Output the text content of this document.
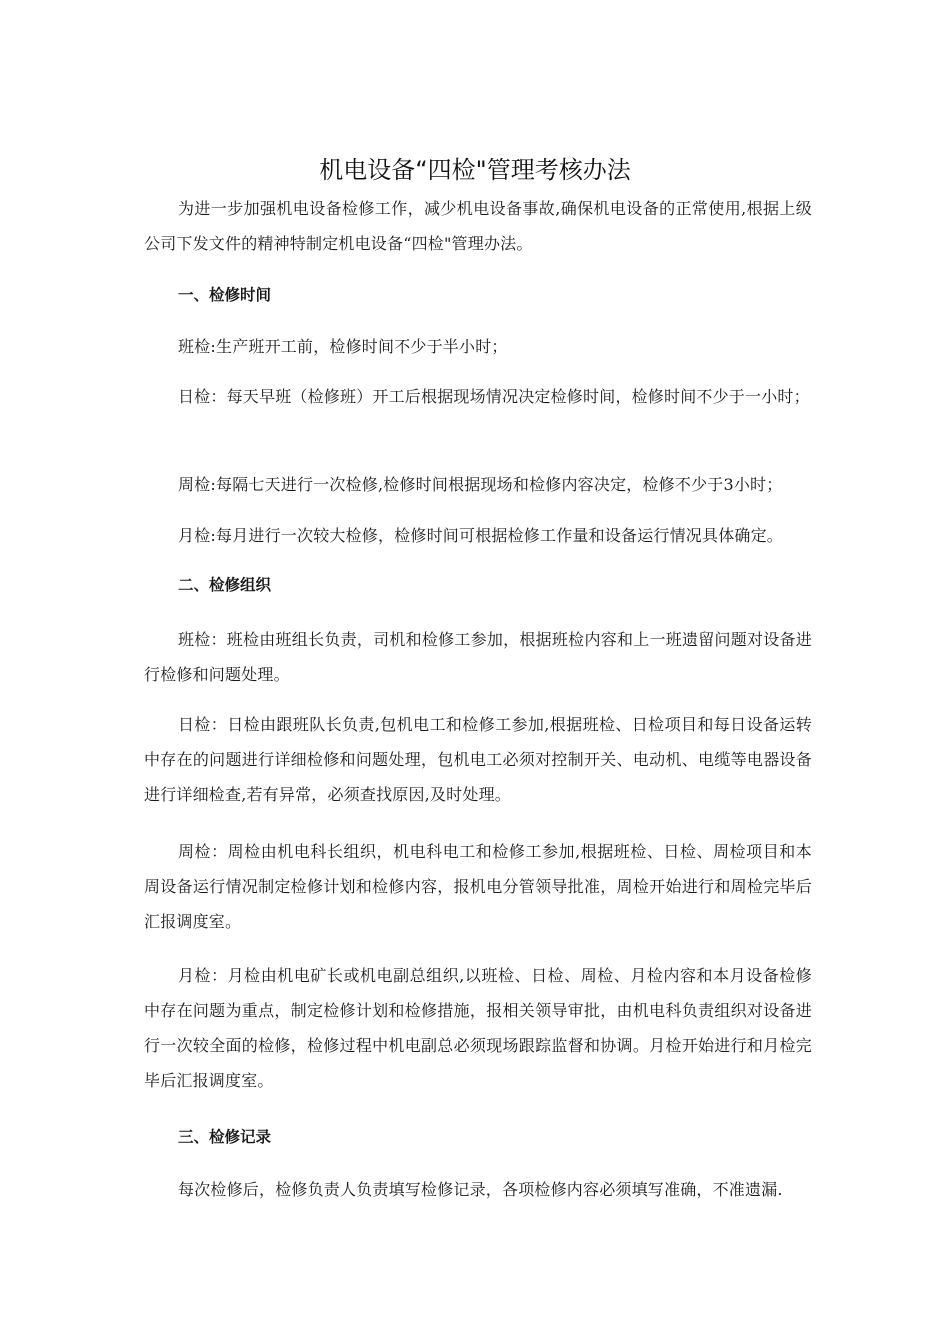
机电设备“四检"管理考核办法
为进一步加强机电设备检修工作，减少机电设备事故,确保机电设备的正常使用,根据上级公司下发文件的精神特制定机电设备“四检"管理办法。
一、检修时间
班检:生产班开工前，检修时间不少于半小时；
日检：每天早班（检修班）开工后根据现场情况决定检修时间，检修时间不少于一小时；
周检:每隔七天进行一次检修,检修时间根据现场和检修内容决定，检修不少于3小时；
月检:每月进行一次较大检修，检修时间可根据检修工作量和设备运行情况具体确定。
二、检修组织
班检：班检由班组长负责，司机和检修工参加，根据班检内容和上一班遗留问题对设备进行检修和问题处理。
日检：日检由跟班队长负责,包机电工和检修工参加,根据班检、日检项目和每日设备运转中存在的问题进行详细检修和问题处理，包机电工必须对控制开关、电动机、电缆等电器设备进行详细检查,若有异常，必须查找原因,及时处理。
周检：周检由机电科长组织，机电科电工和检修工参加,根据班检、日检、周检项目和本周设备运行情况制定检修计划和检修内容，报机电分管领导批准，周检开始进行和周检完毕后汇报调度室。
月检：月检由机电矿长或机电副总组织,以班检、日检、周检、月检内容和本月设备检修中存在问题为重点，制定检修计划和检修措施，报相关领导审批，由机电科负责组织对设备进行一次较全面的检修，检修过程中机电副总必须现场跟踪监督和协调。月检开始进行和月检完毕后汇报调度室。
三、检修记录
每次检修后，检修负责人负责填写检修记录，各项检修内容必须填写准确，不准遗漏.
